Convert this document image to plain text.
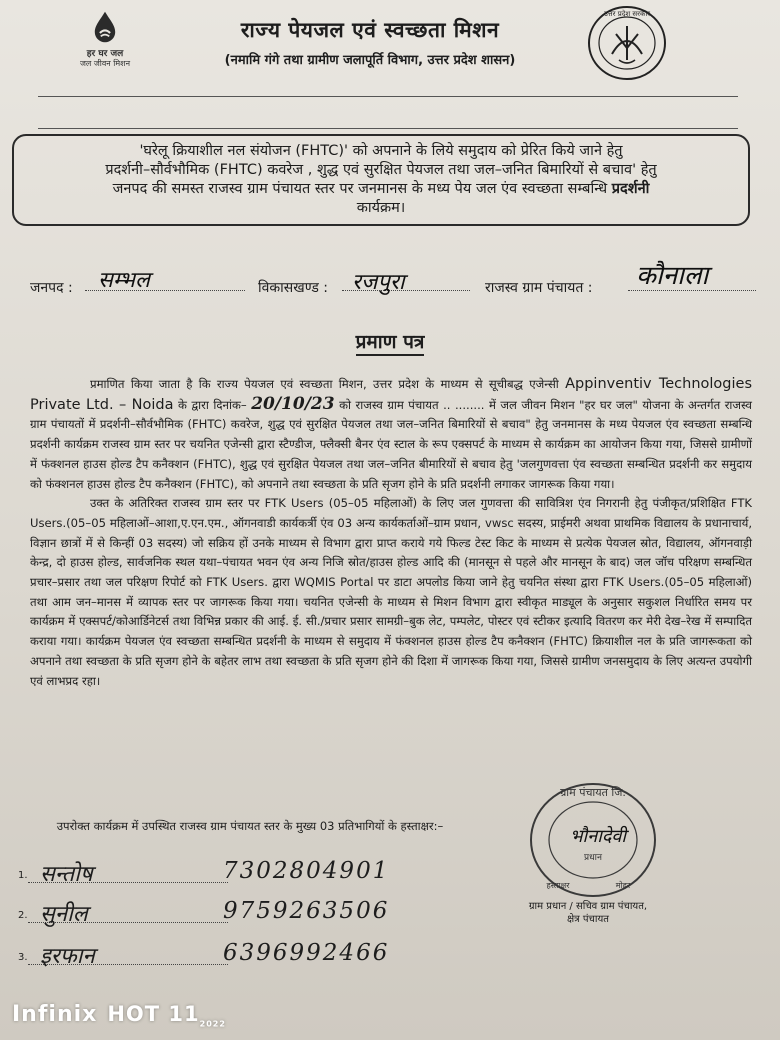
हर घर जल
जल जीवन मिशन
राज्य पेयजल एवं स्वच्छता मिशन
(नमामि गंगे तथा ग्रामीण जलापूर्ति विभाग, उत्तर प्रदेश शासन)
उत्तर प्रदेश सरकार
'घरेलू क्रियाशील नल संयोजन (FHTC)' को अपनाने के लिये समुदाय को प्रेरित किये जाने हेतु
प्रदर्शनी–सौर्वभौमिक (FHTC) कवरेज , शुद्ध एवं सुरक्षित पेयजल तथा जल–जनित बिमारियों से बचाव' हेतु
जनपद की समस्त राजस्व ग्राम पंचायत स्तर पर जनमानस के मध्य पेय जल एंव स्वच्छता सम्बन्धि प्रदर्शनी
कार्यक्रम।
जनपद : सम्भल	विकासखण्ड : रजपुरा	राजस्व ग्राम पंचायत : कौनाला
प्रमाण पत्र

प्रमाणित किया जाता है कि राज्य पेयजल एवं स्वच्छता मिशन, उत्तर प्रदेश के माध्यम से सूचीबद्ध एजेन्सी Appinventiv Technologies Private Ltd. – Noida के द्वारा दिनांक– 20/10/23 को राजस्व ग्राम पंचायत .. ........ में जल जीवन मिशन "हर घर जल" योजना के अन्तर्गत राजस्व ग्राम पंचायतों में प्रदर्शनी–सौर्वभौमिक (FHTC) कवरेज, शुद्ध एवं सुरक्षित पेयजल तथा जल–जनित बिमारियों से बचाव" हेतु जनमानस के मध्य पेयजल एंव स्वच्छता सम्बन्धि प्रदर्शनी कार्यक्रम राजस्व ग्राम स्तर पर चयनित एजेन्सी द्वारा स्टैण्डीज, फ्लैक्सी बैनर एंव स्टाल के रूप एक्सपर्ट के माध्यम से कार्यक्रम का आयोजन किया गया, जिससे ग्रामीणों में फंक्शनल हाउस होल्ड टैप कनैक्शन (FHTC), शुद्ध एवं सुरक्षित पेयजल तथा जल–जनित बीमारियों से बचाव हेतु 'जलगुणवत्ता एंव स्वच्छता सम्बन्धित प्रदर्शनी कर समुदाय को फंक्शनल हाउस होल्ड टैप कनैक्शन (FHTC), को अपनाने तथा स्वच्छता के प्रति सृजग होने के प्रति प्रदर्शनी लगाकर जागरूक किया गया।

उक्त के अतिरिक्त राजस्व ग्राम स्तर पर FTK Users (05–05 महिलाओं) के लिए जल गुणवत्ता की सावित्रिश एंव निगरानी हेतु पंजीकृत/प्रशिक्षित FTK Users.(05–05 महिलाओं–आशा,ए.एन.एम., ऑगनवाडी कार्यकर्त्री एंव 03 अन्य कार्यकर्ताओं–ग्राम प्रधान, vwsc सदस्य, प्राईमरी अथवा प्राथमिक विद्यालय के प्रधानाचार्य, विज्ञान छात्रों में से किन्हीं 03 सदस्य) जो सक्रिय हों उनके माध्यम से विभाग द्वारा प्राप्त कराये गये फिल्ड टेस्ट किट के माध्यम से प्रत्येक पेयजल स्रोत, विद्यालय, ऑगनवाड़ी केन्द्र, दो हाउस होल्ड, सार्वजनिक स्थल यथा–पंचायत भवन एंव अन्य निजि स्रोत/हाउस होल्ड आदि की (मानसून से पहले और मानसून के बाद) जल जॉच परिक्षण सम्बन्धित प्रचार–प्रसार तथा जल परिक्षण रिपोर्ट को FTK Users. द्वारा WQMIS Portal पर डाटा अपलोड किया जाने हेतु चयनित संस्था द्वारा FTK Users.(05–05 महिलाओं) तथा आम जन–मानस में व्यापक स्तर पर जागरूक किया गया। चयनित एजेन्सी के माध्यम से मिशन विभाग द्वारा स्वीकृत माड्यूल के अनुसार सकुशल निर्धारित समय पर कार्यक्रम में एक्सपर्ट/कोआर्डिनेटर्स तथा विभिन्न प्रकार की आई. ई. सी./प्रचार प्रसार सामग्री–बुक लेट, पम्पलेट, पोस्टर एवं स्टीकर इत्यादि वितरण कर मेरी देख–रेख में सम्पादित कराया गया। कार्यक्रम पेयजल एंव स्वच्छता सम्बन्धित प्रदर्शनी के माध्यम से समुदाय में फंक्शनल हाउस होल्ड टैप कनैक्शन (FHTC) क्रियाशील नल के प्रति जागरूकता को अपनाने तथा स्वच्छता के प्रति सृजग होने के बहेतर लाभ तथा स्वच्छता के प्रति सृजग होने की दिशा में जागरूक किया गया, जिससे ग्रामीण जनसमुदाय के लिए अत्यन्त उपयोगी एवं लाभप्रद रहा।

उपरोक्त कार्यक्रम में उपस्थित राजस्व ग्राम पंचायत स्तर के मुख्य 03 प्रतिभागियों के हस्ताक्षर:–
1. सन्तोष	7302804901
2. सुनील	9759263506
3. इरफान	6396992466
ग्राम पंचायत जि.
भौनादेवी
प्रधान
हस्ताक्षर	मोहर
ग्राम प्रधान / सचिव ग्राम पंचायत,
क्षेत्र पंचायत
Infinix HOT $11_{2022}$
